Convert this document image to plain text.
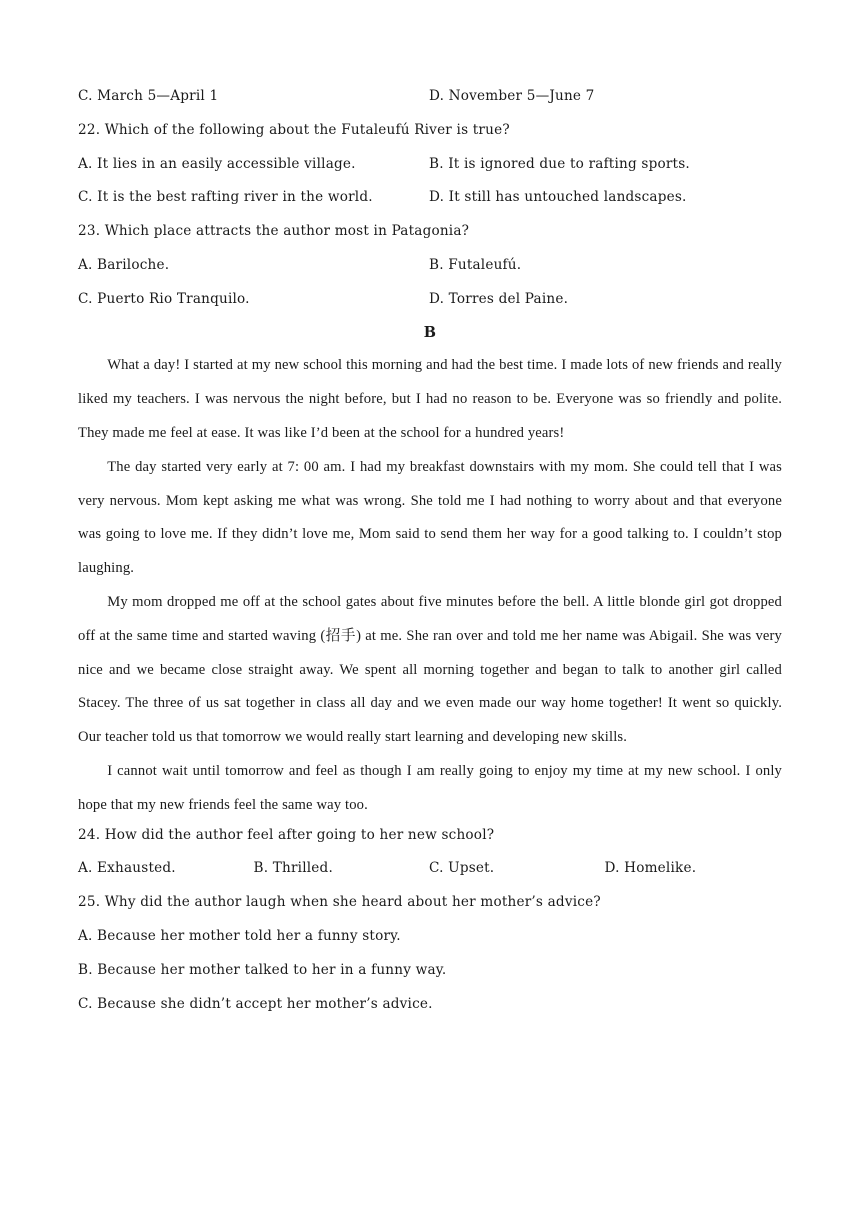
C. March 5—April 1	D. November 5—June 7
22. Which of the following about the Futaleufú River is true?
A. It lies in an easily accessible village.	B. It is ignored due to rafting sports.
C. It is the best rafting river in the world.	D. It still has untouched landscapes.
23. Which place attracts the author most in Patagonia?
A. Bariloche.	B. Futaleufú.
C. Puerto Rio Tranquilo.	D. Torres del Paine.
B

What a day! I started at my new school this morning and had the best time. I made lots of new friends and really liked my teachers. I was nervous the night before, but I had no reason to be. Everyone was so friendly and polite. They made me feel at ease. It was like I’d been at the school for a hundred years!

The day started very early at 7: 00 am. I had my breakfast downstairs with my mom. She could tell that I was very nervous. Mom kept asking me what was wrong. She told me I had nothing to worry about and that everyone was going to love me. If they didn’t love me, Mom said to send them her way for a good talking to. I couldn’t stop laughing.

My mom dropped me off at the school gates about five minutes before the bell. A little blonde girl got dropped off at the same time and started waving (招手) at me. She ran over and told me her name was Abigail. She was very nice and we became close straight away. We spent all morning together and began to talk to another girl called Stacey. The three of us sat together in class all day and we even made our way home together! It went so quickly. Our teacher told us that tomorrow we would really start learning and developing new skills.

I cannot wait until tomorrow and feel as though I am really going to enjoy my time at my new school. I only hope that my new friends feel the same way too.

24. How did the author feel after going to her new school?
A. Exhausted.	B. Thrilled.	C. Upset.	D. Homelike.
25. Why did the author laugh when she heard about her mother’s advice?
A. Because her mother told her a funny story.
B. Because her mother talked to her in a funny way.
C. Because she didn’t accept her mother’s advice.
